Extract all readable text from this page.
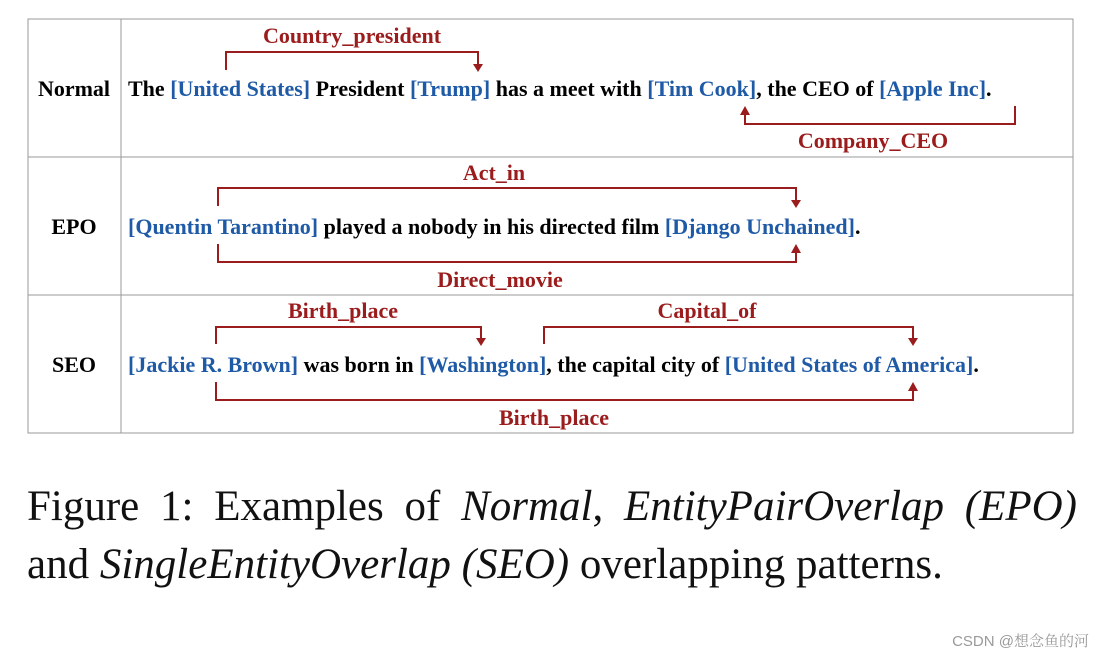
Normal
EPO
SEO
The [United States] President [Trump] has a meet with [Tim Cook], the CEO of [Apple Inc].
[Quentin Tarantino] played a nobody in his directed film [Django Unchained].
[Jackie R. Brown] was born in [Washington], the capital city of [United States of America].
Country_president
Company_CEO
Act_in
Direct_movie
Birth_place	Capital_of
Birth_place
Figure 1: Examples of Normal, EntityPairOverlap (EPO) and SingleEntityOverlap (SEO) overlapping patterns.
CSDN @想念鱼的河
